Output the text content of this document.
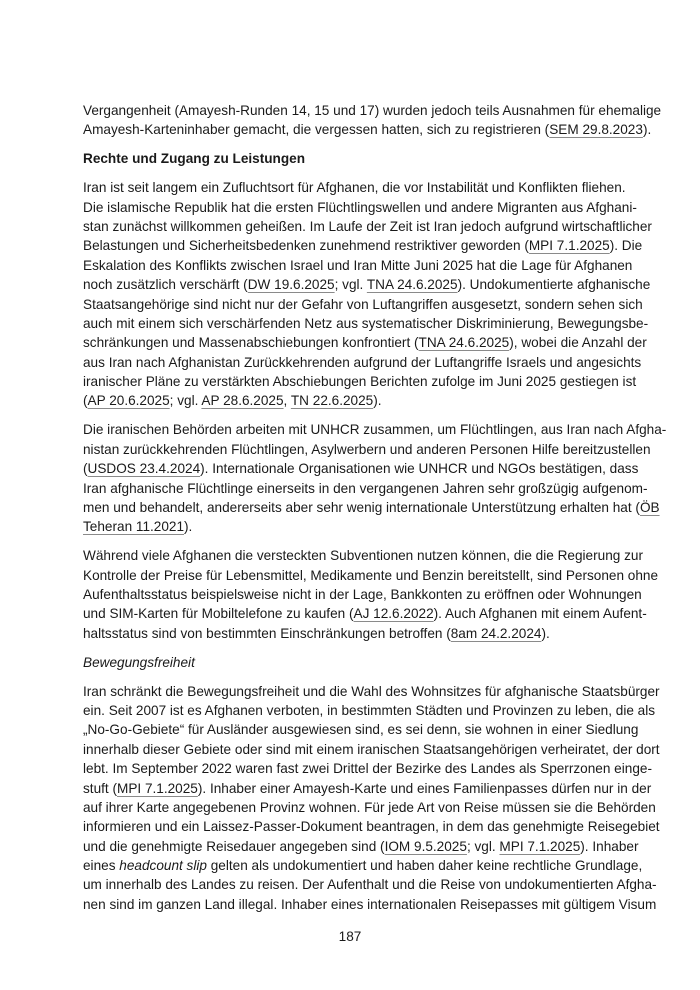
Vergangenheit (Amayesh-Runden 14, 15 und 17) wurden jedoch teils Ausnahmen für ehemalige
Amayesh-Karteninhaber gemacht, die vergessen hatten, sich zu registrieren (SEM 29.8.2023).
Rechte und Zugang zu Leistungen
Iran ist seit langem ein Zufluchtsort für Afghanen, die vor Instabilität und Konflikten fliehen.
Die islamische Republik hat die ersten Flüchtlingswellen und andere Migranten aus Afghani-
stan zunächst willkommen geheißen. Im Laufe der Zeit ist Iran jedoch aufgrund wirtschaftlicher
Belastungen und Sicherheitsbedenken zunehmend restriktiver geworden (MPI 7.1.2025). Die
Eskalation des Konflikts zwischen Israel und Iran Mitte Juni 2025 hat die Lage für Afghanen
noch zusätzlich verschärft (DW 19.6.2025; vgl. TNA 24.6.2025). Undokumentierte afghanische
Staatsangehörige sind nicht nur der Gefahr von Luftangriffen ausgesetzt, sondern sehen sich
auch mit einem sich verschärfenden Netz aus systematischer Diskriminierung, Bewegungsbe-
schränkungen und Massenabschiebungen konfrontiert (TNA 24.6.2025), wobei die Anzahl der
aus Iran nach Afghanistan Zurückkehrenden aufgrund der Luftangriffe Israels und angesichts
iranischer Pläne zu verstärkten Abschiebungen Berichten zufolge im Juni 2025 gestiegen ist
(AP 20.6.2025; vgl. AP 28.6.2025, TN 22.6.2025).
Die iranischen Behörden arbeiten mit UNHCR zusammen, um Flüchtlingen, aus Iran nach Afgha-
nistan zurückkehrenden Flüchtlingen, Asylwerbern und anderen Personen Hilfe bereitzustellen
(USDOS 23.4.2024). Internationale Organisationen wie UNHCR und NGOs bestätigen, dass
Iran afghanische Flüchtlinge einerseits in den vergangenen Jahren sehr großzügig aufgenom-
men und behandelt, andererseits aber sehr wenig internationale Unterstützung erhalten hat (ÖB
Teheran 11.2021).
Während viele Afghanen die versteckten Subventionen nutzen können, die die Regierung zur
Kontrolle der Preise für Lebensmittel, Medikamente und Benzin bereitstellt, sind Personen ohne
Aufenthaltsstatus beispielsweise nicht in der Lage, Bankkonten zu eröffnen oder Wohnungen
und SIM-Karten für Mobiltelefone zu kaufen (AJ 12.6.2022). Auch Afghanen mit einem Aufent-
haltsstatus sind von bestimmten Einschränkungen betroffen (8am 24.2.2024).
Bewegungsfreiheit
Iran schränkt die Bewegungsfreiheit und die Wahl des Wohnsitzes für afghanische Staatsbürger
ein. Seit 2007 ist es Afghanen verboten, in bestimmten Städten und Provinzen zu leben, die als
„No-Go-Gebiete“ für Ausländer ausgewiesen sind, es sei denn, sie wohnen in einer Siedlung
innerhalb dieser Gebiete oder sind mit einem iranischen Staatsangehörigen verheiratet, der dort
lebt. Im September 2022 waren fast zwei Drittel der Bezirke des Landes als Sperrzonen einge-
stuft (MPI 7.1.2025). Inhaber einer Amayesh-Karte und eines Familienpasses dürfen nur in der
auf ihrer Karte angegebenen Provinz wohnen. Für jede Art von Reise müssen sie die Behörden
informieren und ein Laissez-Passer-Dokument beantragen, in dem das genehmigte Reisegebiet
und die genehmigte Reisedauer angegeben sind (IOM 9.5.2025; vgl. MPI 7.1.2025). Inhaber
eines headcount slip gelten als undokumentiert und haben daher keine rechtliche Grundlage,
um innerhalb des Landes zu reisen. Der Aufenthalt und die Reise von undokumentierten Afgha-
nen sind im ganzen Land illegal. Inhaber eines internationalen Reisepasses mit gültigem Visum
187
